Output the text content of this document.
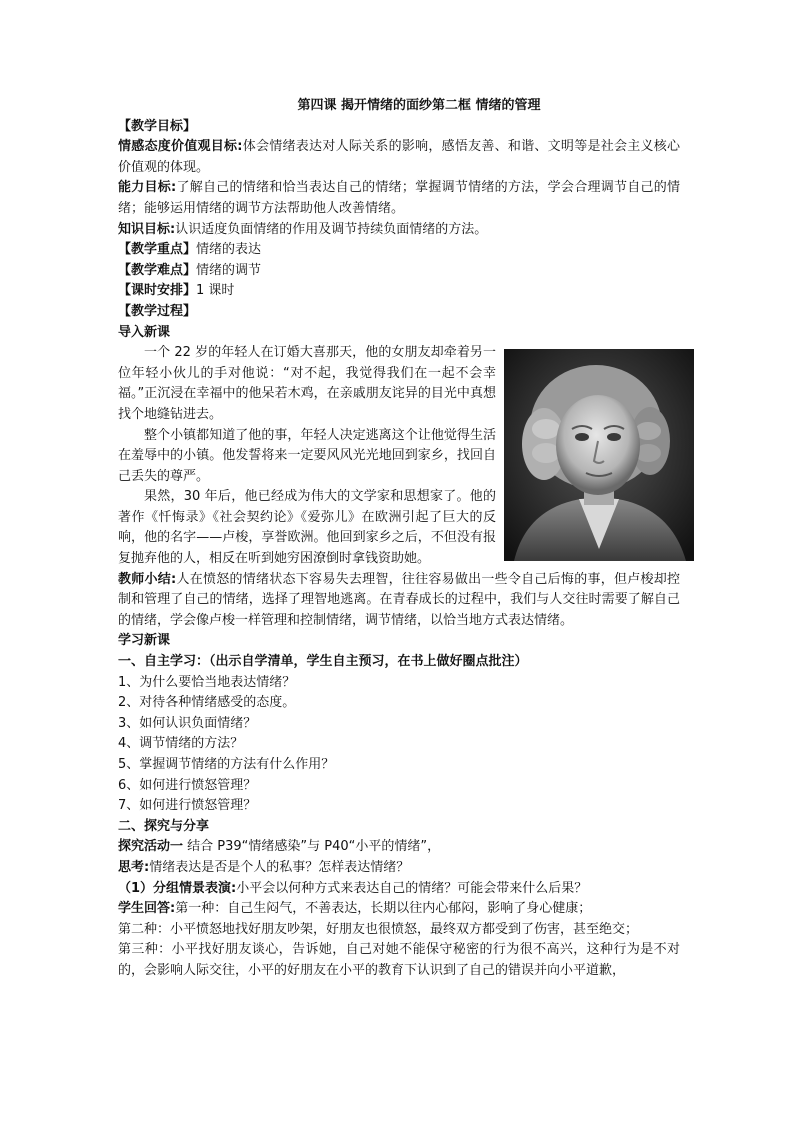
第四课 揭开情绪的面纱第二框 情绪的管理
【教学目标】
情感态度价值观目标:体会情绪表达对人际关系的影响，感悟友善、和谐、文明等是社会主义核心价值观的体现。
能力目标:了解自己的情绪和恰当表达自己的情绪；掌握调节情绪的方法，学会合理调节自己的情绪；能够运用情绪的调节方法帮助他人改善情绪。
知识目标:认识适度负面情绪的作用及调节持续负面情绪的方法。
【教学重点】情绪的表达
【教学难点】情绪的调节
【课时安排】1 课时
【教学过程】
导入新课
一个 22 岁的年轻人在订婚大喜那天，他的女朋友却牵着另一位年轻小伙儿的手对他说：“对不起，我觉得我们在一起不会幸福。”正沉浸在幸福中的他呆若木鸡，在亲戚朋友诧异的目光中真想找个地缝钻进去。
整个小镇都知道了他的事，年轻人决定逃离这个让他觉得生活在羞辱中的小镇。他发誓将来一定要风风光光地回到家乡，找回自己丢失的尊严。
果然，30 年后，他已经成为伟大的文学家和思想家了。他的著作《忏悔录》《社会契约论》《爱弥儿》在欧洲引起了巨大的反响，他的名字——卢梭，享誉欧洲。他回到家乡之后，不但没有报复抛弃他的人，相反在听到她穷困潦倒时拿钱资助她。
教师小结:人在愤怒的情绪状态下容易失去理智，往往容易做出一些令自己后悔的事，但卢梭却控制和管理了自己的情绪，选择了理智地逃离。在青春成长的过程中，我们与人交往时需要了解自己的情绪，学会像卢梭一样管理和控制情绪，调节情绪，以恰当地方式表达情绪。
学习新课
一、自主学习：（出示自学清单，学生自主预习，在书上做好圈点批注）
1、为什么要恰当地表达情绪？
2、对待各种情绪感受的态度。
3、如何认识负面情绪？
4、调节情绪的方法？
5、掌握调节情绪的方法有什么作用？
6、如何进行愤怒管理？
7、如何进行愤怒管理？
二、探究与分享
探究活动一 结合 P39“情绪感染”与 P40“小平的情绪”，
思考:情绪表达是否是个人的私事？怎样表达情绪？
（1）分组情景表演:小平会以何种方式来表达自己的情绪？可能会带来什么后果？
学生回答:第一种：自己生闷气，不善表达，长期以往内心郁闷，影响了身心健康；
第二种：小平愤怒地找好朋友吵架，好朋友也很愤怒，最终双方都受到了伤害，甚至绝交；
第三种：小平找好朋友谈心，告诉她，自己对她不能保守秘密的行为很不高兴，这种行为是不对的，会影响人际交往，小平的好朋友在小平的教育下认识到了自己的错误并向小平道歉，
